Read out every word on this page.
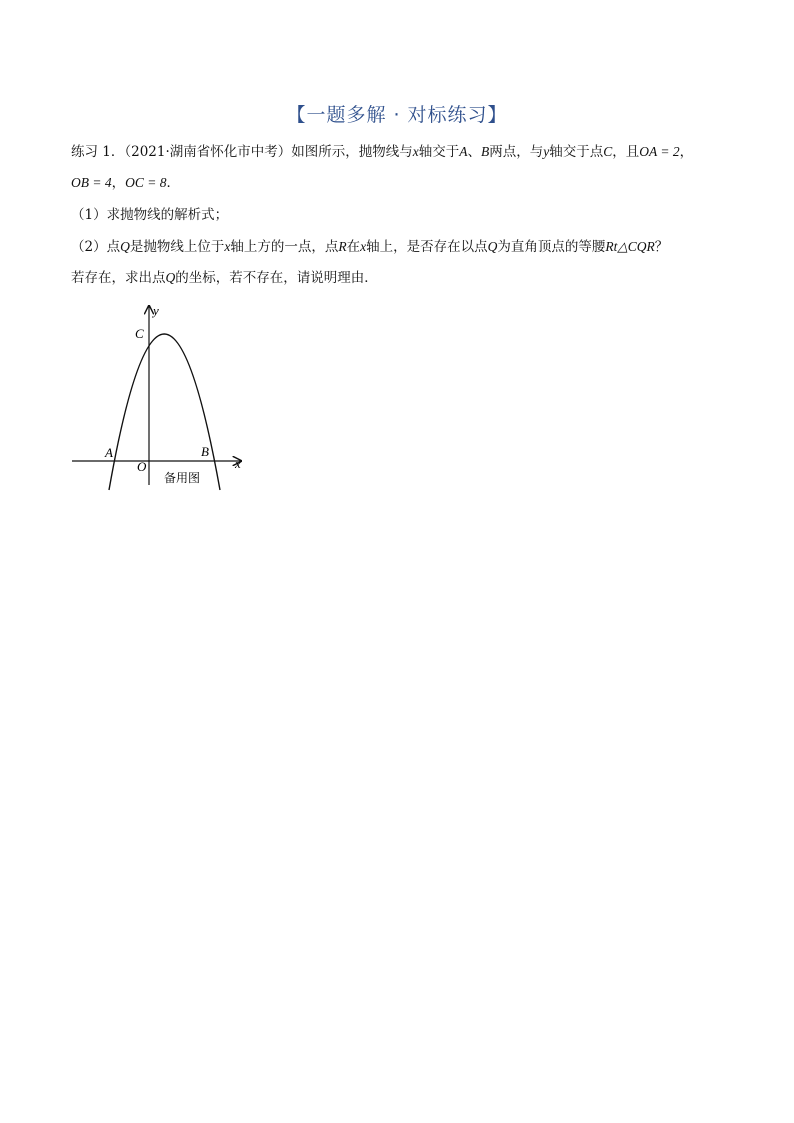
【一题多解 · 对标练习】
练习 1．（2021·湖南省怀化市中考）如图所示，抛物线与x轴交于A、B两点，与y轴交于点C，且OA = 2，
OB = 4，OC = 8．
（1）求抛物线的解析式；
（2）点Q是抛物线上位于x轴上方的一点，点R在x轴上，是否存在以点Q为直角顶点的等腰Rt△CQR？
若存在，求出点Q的坐标，若不存在，请说明理由．
y
x
C
A	B
O
备用图
